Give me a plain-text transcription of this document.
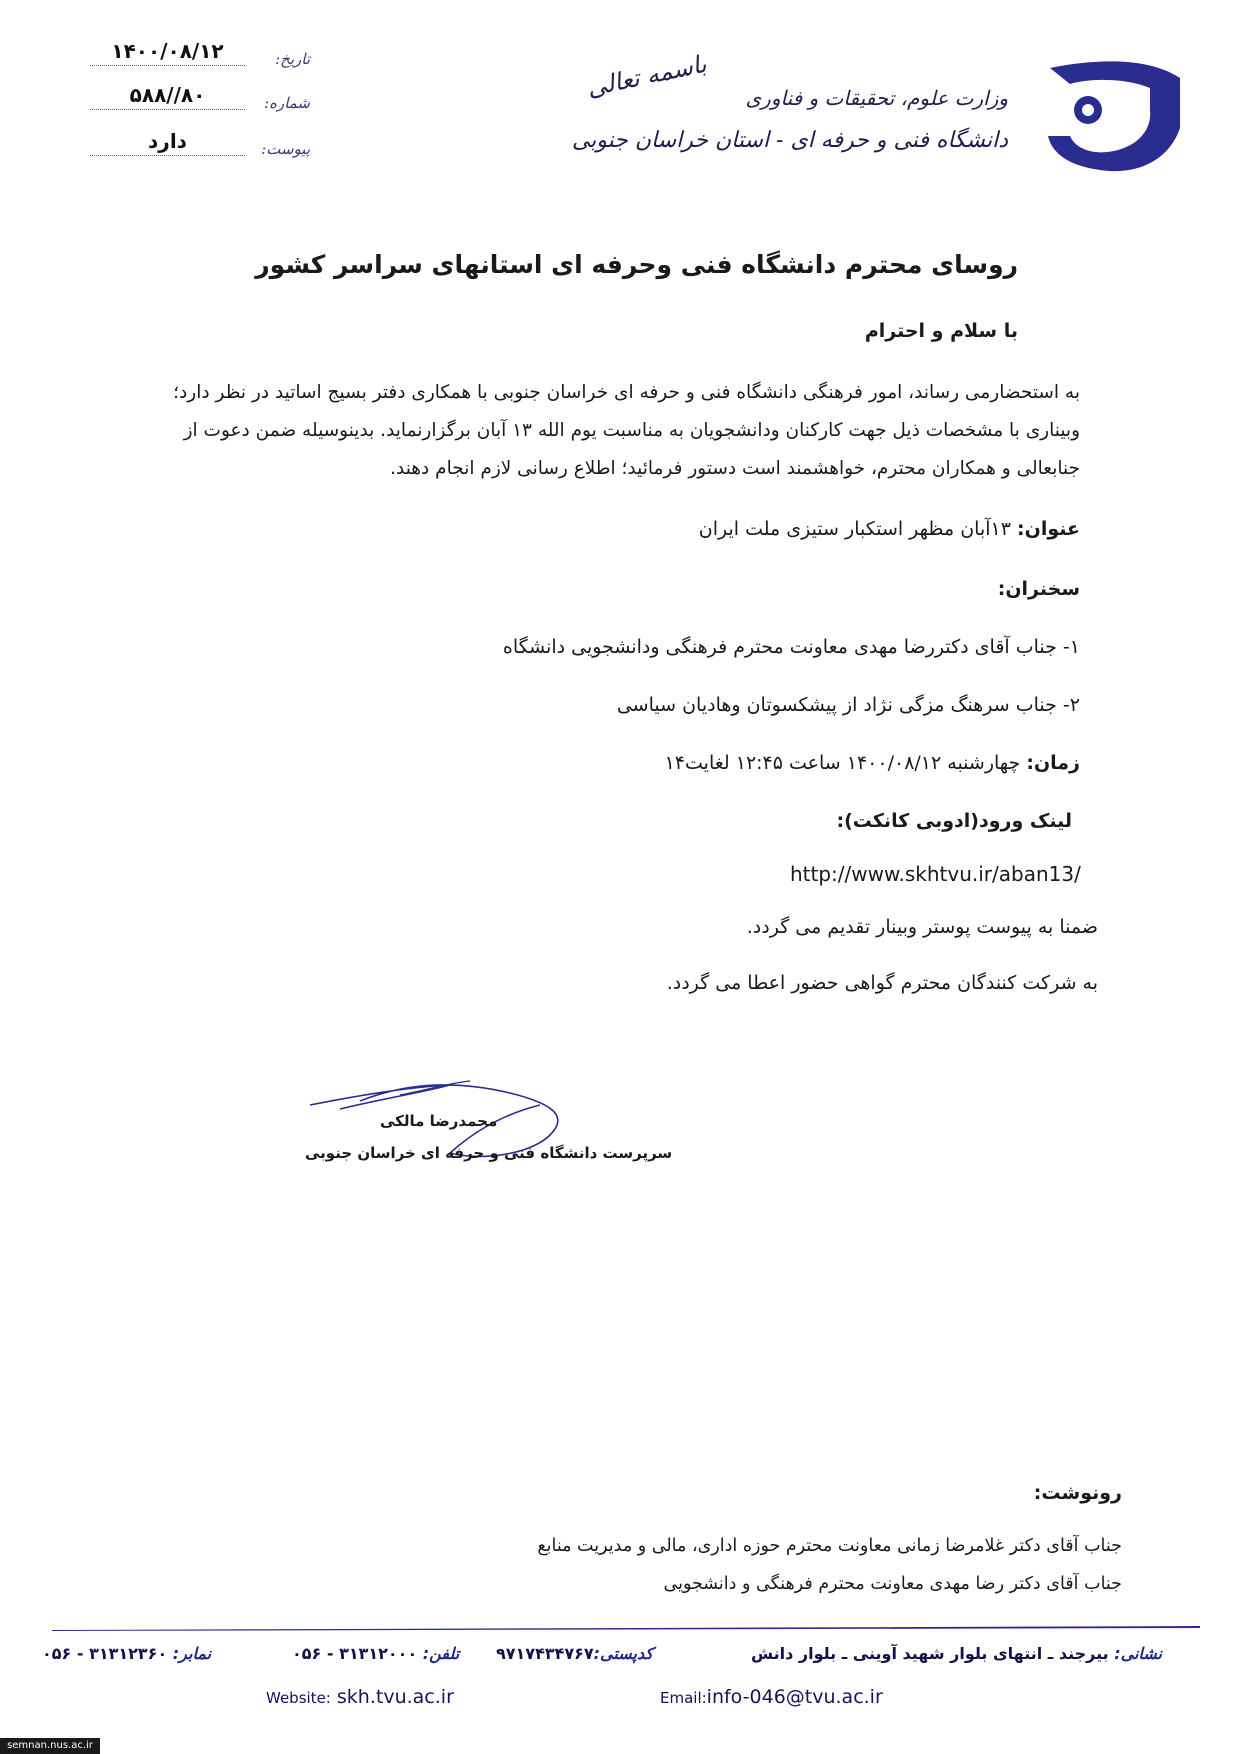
وزارت علوم، تحقیقات و فناوری
دانشگاه فنی و حرفه ای - استان خراسان جنوبی
باسمه تعالی
تاریخ:
۱۴۰۰/۰۸/۱۲
شماره:
۸۰//۵۸۸
پیوست:
دارد
روسای محترم دانشگاه فنی وحرفه ای استانهای سراسر کشور
با سلام و احترام

به استحضارمی رساند، امور فرهنگی دانشگاه فنی و حرفه ای خراسان جنوبی با همکاری دفتر بسیج اساتید در نظر دارد؛

وبیناری با مشخصات ذیل جهت کارکنان ودانشجویان به مناسبت یوم الله ۱۳ آبان برگزارنماید. بدینوسیله ضمن دعوت از

جنابعالی و همکاران محترم، خواهشمند است دستور فرمائید؛ اطلاع رسانی لازم انجام دهند.

عنوان: ۱۳آبان مظهر استکبار ستیزی ملت ایران
سخنران:
۱- جناب آقای دکتررضا مهدی معاونت محترم فرهنگی ودانشجویی دانشگاه
۲- جناب سرهنگ مزگی نژاد از پیشکسوتان وهادیان سیاسی
زمان: چهارشنبه ۱۴۰۰/۰۸/۱۲ ساعت ۱۲:۴۵ لغایت۱۴
لینک ورود(ادوبی کانکت):
http://www.skhtvu.ir/aban13/
ضمنا به پیوست پوستر وبینار تقدیم می گردد.
به شرکت کنندگان محترم گواهی حضور اعطا می گردد.
محمدرضا مالکی
سرپرست دانشگاه فنی و حرفه ای خراسان جنوبی
رونوشت:
جناب آقای دکتر غلامرضا زمانی معاونت محترم حوزه اداری، مالی و مدیریت منابع
جناب آقای دکتر رضا مهدی معاونت محترم فرهنگی و دانشجویی
نشانی: بیرجند ـ انتهای بلوار شهید آوینی ـ بلوار دانش
کدپستی:۹۷۱۷۴۳۴۷۶۷
تلفن: ۳۱۳۱۲۰۰۰ - ۰۵۶
نمابر: ۳۱۳۱۲۳۶۰ - ۰۵۶
Website: skh.tvu.ac.ir	Email:info-046@tvu.ac.ir
semnan.nus.ac.ir
